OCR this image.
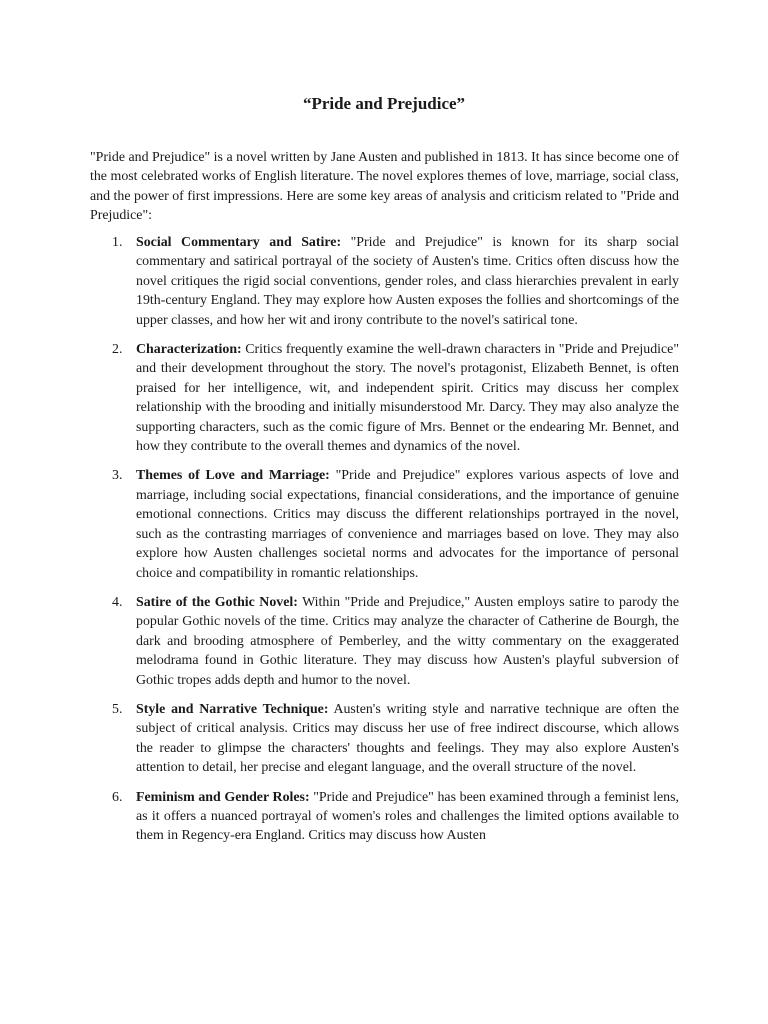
“Pride and Prejudice”

"Pride and Prejudice" is a novel written by Jane Austen and published in 1813. It has since become one of the most celebrated works of English literature. The novel explores themes of love, marriage, social class, and the power of first impressions. Here are some key areas of analysis and criticism related to "Pride and Prejudice":

1. Social Commentary and Satire: "Pride and Prejudice" is known for its sharp social commentary and satirical portrayal of the society of Austen's time. Critics often discuss how the novel critiques the rigid social conventions, gender roles, and class hierarchies prevalent in early 19th-century England. They may explore how Austen exposes the follies and shortcomings of the upper classes, and how her wit and irony contribute to the novel's satirical tone.
2. Characterization: Critics frequently examine the well-drawn characters in "Pride and Prejudice" and their development throughout the story. The novel's protagonist, Elizabeth Bennet, is often praised for her intelligence, wit, and independent spirit. Critics may discuss her complex relationship with the brooding and initially misunderstood Mr. Darcy. They may also analyze the supporting characters, such as the comic figure of Mrs. Bennet or the endearing Mr. Bennet, and how they contribute to the overall themes and dynamics of the novel.
3. Themes of Love and Marriage: "Pride and Prejudice" explores various aspects of love and marriage, including social expectations, financial considerations, and the importance of genuine emotional connections. Critics may discuss the different relationships portrayed in the novel, such as the contrasting marriages of convenience and marriages based on love. They may also explore how Austen challenges societal norms and advocates for the importance of personal choice and compatibility in romantic relationships.
4. Satire of the Gothic Novel: Within "Pride and Prejudice," Austen employs satire to parody the popular Gothic novels of the time. Critics may analyze the character of Catherine de Bourgh, the dark and brooding atmosphere of Pemberley, and the witty commentary on the exaggerated melodrama found in Gothic literature. They may discuss how Austen's playful subversion of Gothic tropes adds depth and humor to the novel.
5. Style and Narrative Technique: Austen's writing style and narrative technique are often the subject of critical analysis. Critics may discuss her use of free indirect discourse, which allows the reader to glimpse the characters' thoughts and feelings. They may also explore Austen's attention to detail, her precise and elegant language, and the overall structure of the novel.
6. Feminism and Gender Roles: "Pride and Prejudice" has been examined through a feminist lens, as it offers a nuanced portrayal of women's roles and challenges the limited options available to them in Regency-era England. Critics may discuss how Austen
